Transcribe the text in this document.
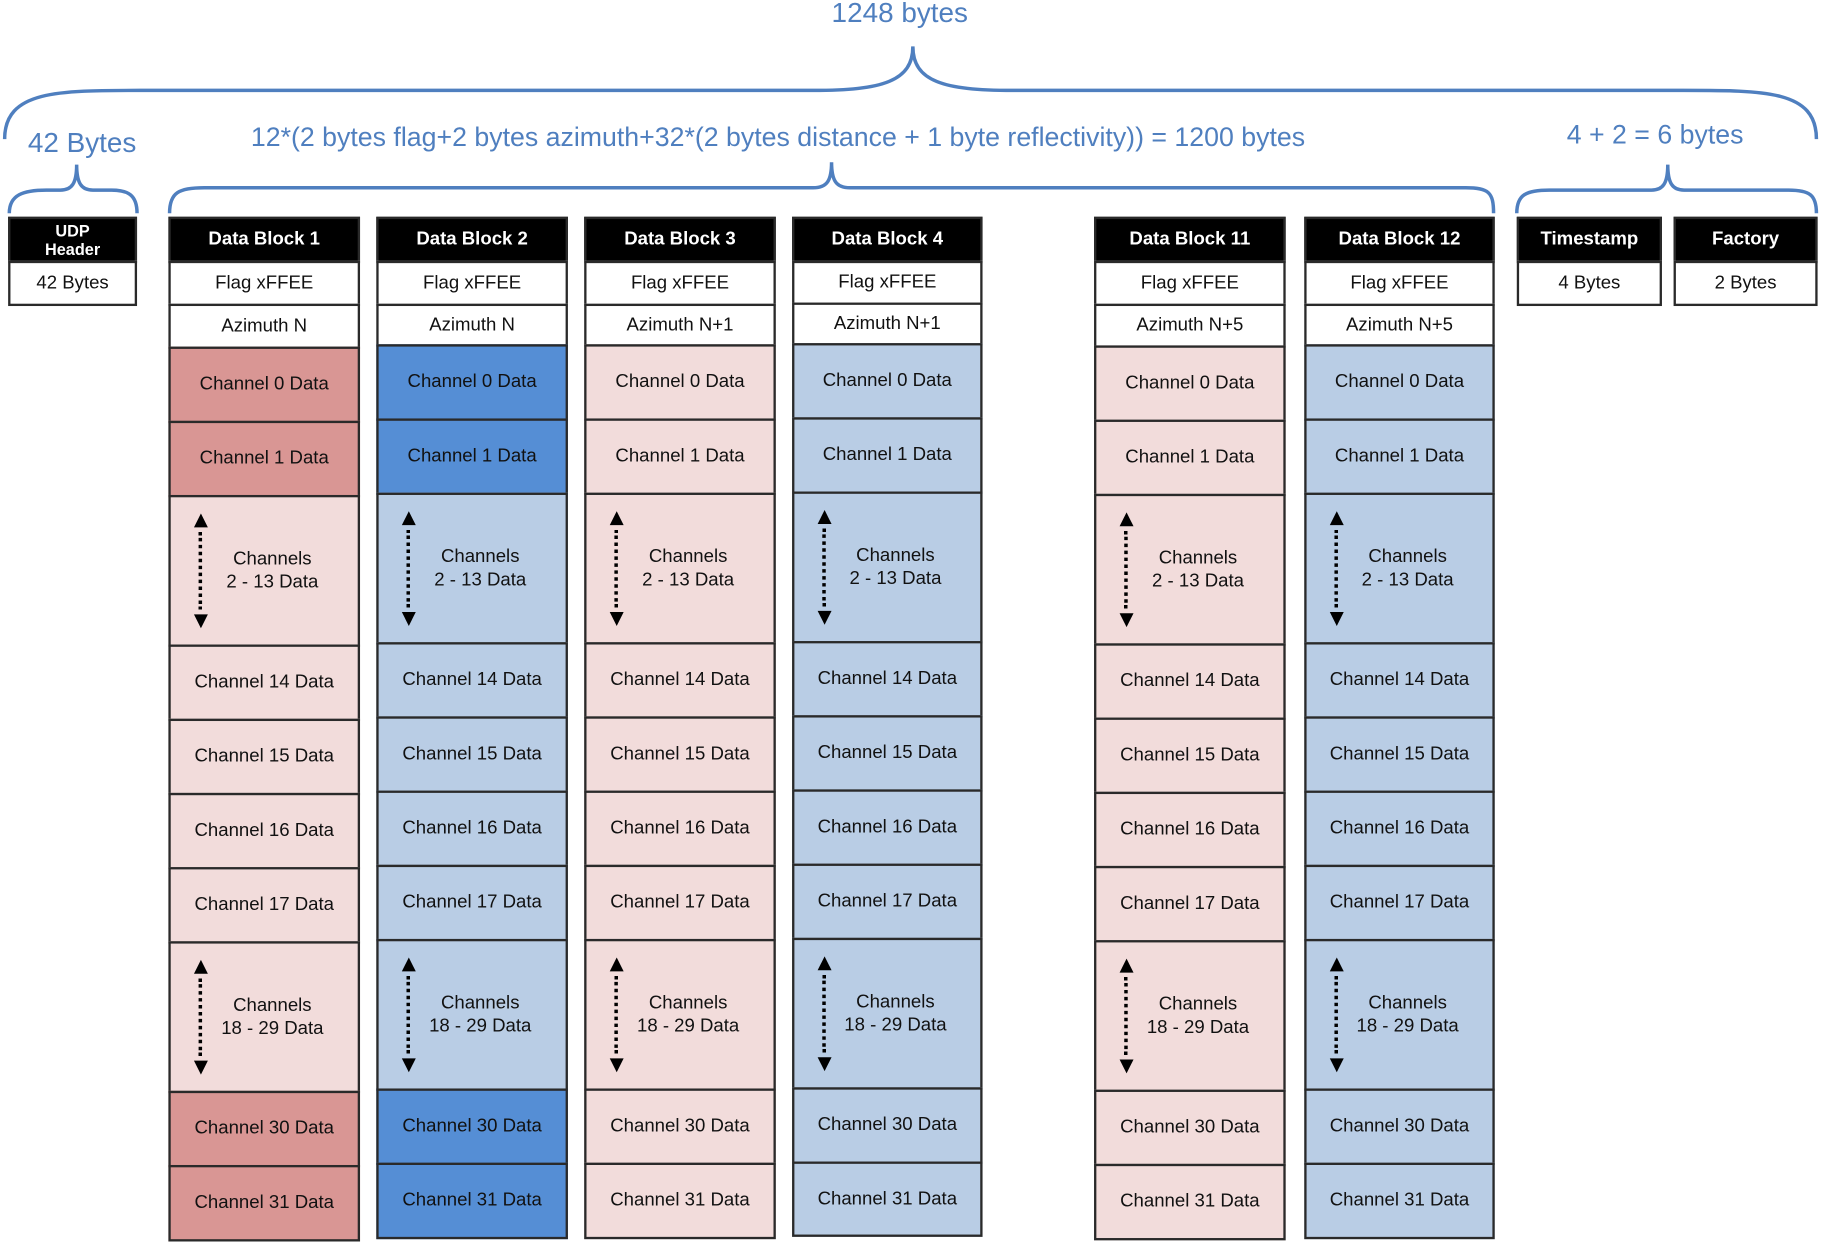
1248 bytes
42 Bytes	12*(2 bytes flag+2 bytes azimuth+32*(2 bytes distance + 1 byte reflectivity)) = 1200 bytes	4 + 2 = 6 bytes
UDP
Header
42 Bytes
Timestamp
4 Bytes
Factory
2 Bytes
Data Block 1
Flag xFFEE
Azimuth N
Channel 0 Data
Channel 1 Data
Channels
2 - 13 Data
Channel 14 Data
Channel 15 Data
Channel 16 Data
Channel 17 Data
Channels
18 - 29 Data
Channel 30 Data
Channel 31 Data
Data Block 2
Flag xFFEE
Azimuth N
Channel 0 Data
Channel 1 Data
Channels
2 - 13 Data
Channel 14 Data
Channel 15 Data
Channel 16 Data
Channel 17 Data
Channels
18 - 29 Data
Channel 30 Data
Channel 31 Data
Data Block 3
Flag xFFEE
Azimuth N+1
Channel 0 Data
Channel 1 Data
Channels
2 - 13 Data
Channel 14 Data
Channel 15 Data
Channel 16 Data
Channel 17 Data
Channels
18 - 29 Data
Channel 30 Data
Channel 31 Data
Data Block 4
Flag xFFEE
Azimuth N+1
Channel 0 Data
Channel 1 Data
Channels
2 - 13 Data
Channel 14 Data
Channel 15 Data
Channel 16 Data
Channel 17 Data
Channels
18 - 29 Data
Channel 30 Data
Channel 31 Data
Data Block 11
Flag xFFEE
Azimuth N+5
Channel 0 Data
Channel 1 Data
Channels
2 - 13 Data
Channel 14 Data
Channel 15 Data
Channel 16 Data
Channel 17 Data
Channels
18 - 29 Data
Channel 30 Data
Channel 31 Data
Data Block 12
Flag xFFEE
Azimuth N+5
Channel 0 Data
Channel 1 Data
Channels
2 - 13 Data
Channel 14 Data
Channel 15 Data
Channel 16 Data
Channel 17 Data
Channels
18 - 29 Data
Channel 30 Data
Channel 31 Data
